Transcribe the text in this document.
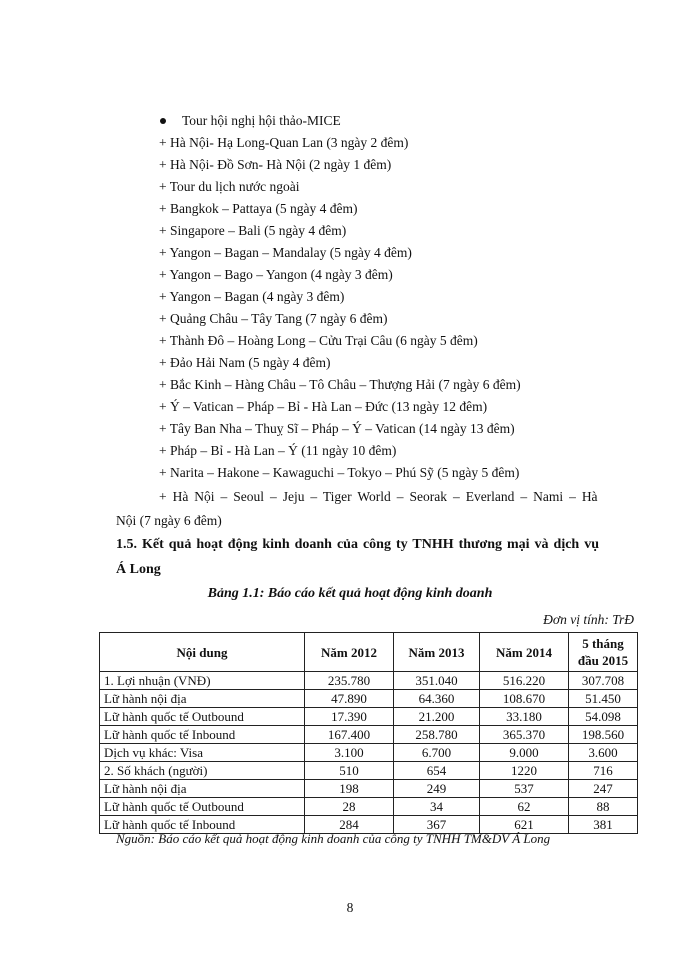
Tour hội nghị hội thảo-MICE
+ Hà Nội- Hạ Long-Quan Lan (3 ngày 2 đêm)
+ Hà Nội- Đồ Sơn- Hà Nội (2 ngày 1 đêm)
+ Tour du lịch nước ngoài
+ Bangkok – Pattaya (5 ngày 4 đêm)
+ Singapore – Bali (5 ngày 4 đêm)
+ Yangon – Bagan – Mandalay (5 ngày 4 đêm)
+ Yangon – Bago – Yangon (4 ngày 3 đêm)
+ Yangon – Bagan (4 ngày 3 đêm)
+ Quảng Châu – Tây Tang (7 ngày 6 đêm)
+ Thành Đô – Hoàng Long – Cửu Trại Câu (6 ngày 5 đêm)
+ Đảo Hải Nam (5 ngày 4 đêm)
+ Bắc Kinh – Hàng Châu – Tô Châu – Thượng Hải (7 ngày 6 đêm)
+ Ý – Vatican – Pháp – Bỉ - Hà Lan – Đức (13 ngày 12 đêm)
+ Tây Ban Nha – Thuỵ Sĩ – Pháp – Ý – Vatican (14 ngày 13 đêm)
+ Pháp – Bỉ - Hà Lan – Ý (11 ngày 10 đêm)
+ Narita – Hakone – Kawaguchi – Tokyo – Phú Sỹ (5 ngày 5 đêm)
+ Hà Nội – Seoul – Jeju – Tiger World – Seorak – Everland – Nami – Hà
Nội (7 ngày 6 đêm)
1.5. Kết quả hoạt động kinh doanh của công ty TNHH thương mại và dịch vụ
Á Long
Bảng 1.1: Báo cáo kết quả hoạt động kinh doanh
Đơn vị tính: TrĐ
Nội dung	Năm 2012	Năm 2013	Năm 2014	5 tháng đầu 2015
1. Lợi nhuận (VNĐ)	235.780	351.040	516.220	307.708
Lữ hành nội địa	47.890	64.360	108.670	51.450
Lữ hành quốc tế Outbound	17.390	21.200	33.180	54.098
Lữ hành quốc tế Inbound	167.400	258.780	365.370	198.560
Dịch vụ khác: Visa	3.100	6.700	9.000	3.600
2. Số khách (người)	510	654	1220	716
Lữ hành nội địa	198	249	537	247
Lữ hành quốc tế Outbound	28	34	62	88
Lữ hành quốc tế Inbound	284	367	621	381
Nguồn: Báo cáo kết quả hoạt động kinh doanh của công ty TNHH TM&DV Á Long
8
